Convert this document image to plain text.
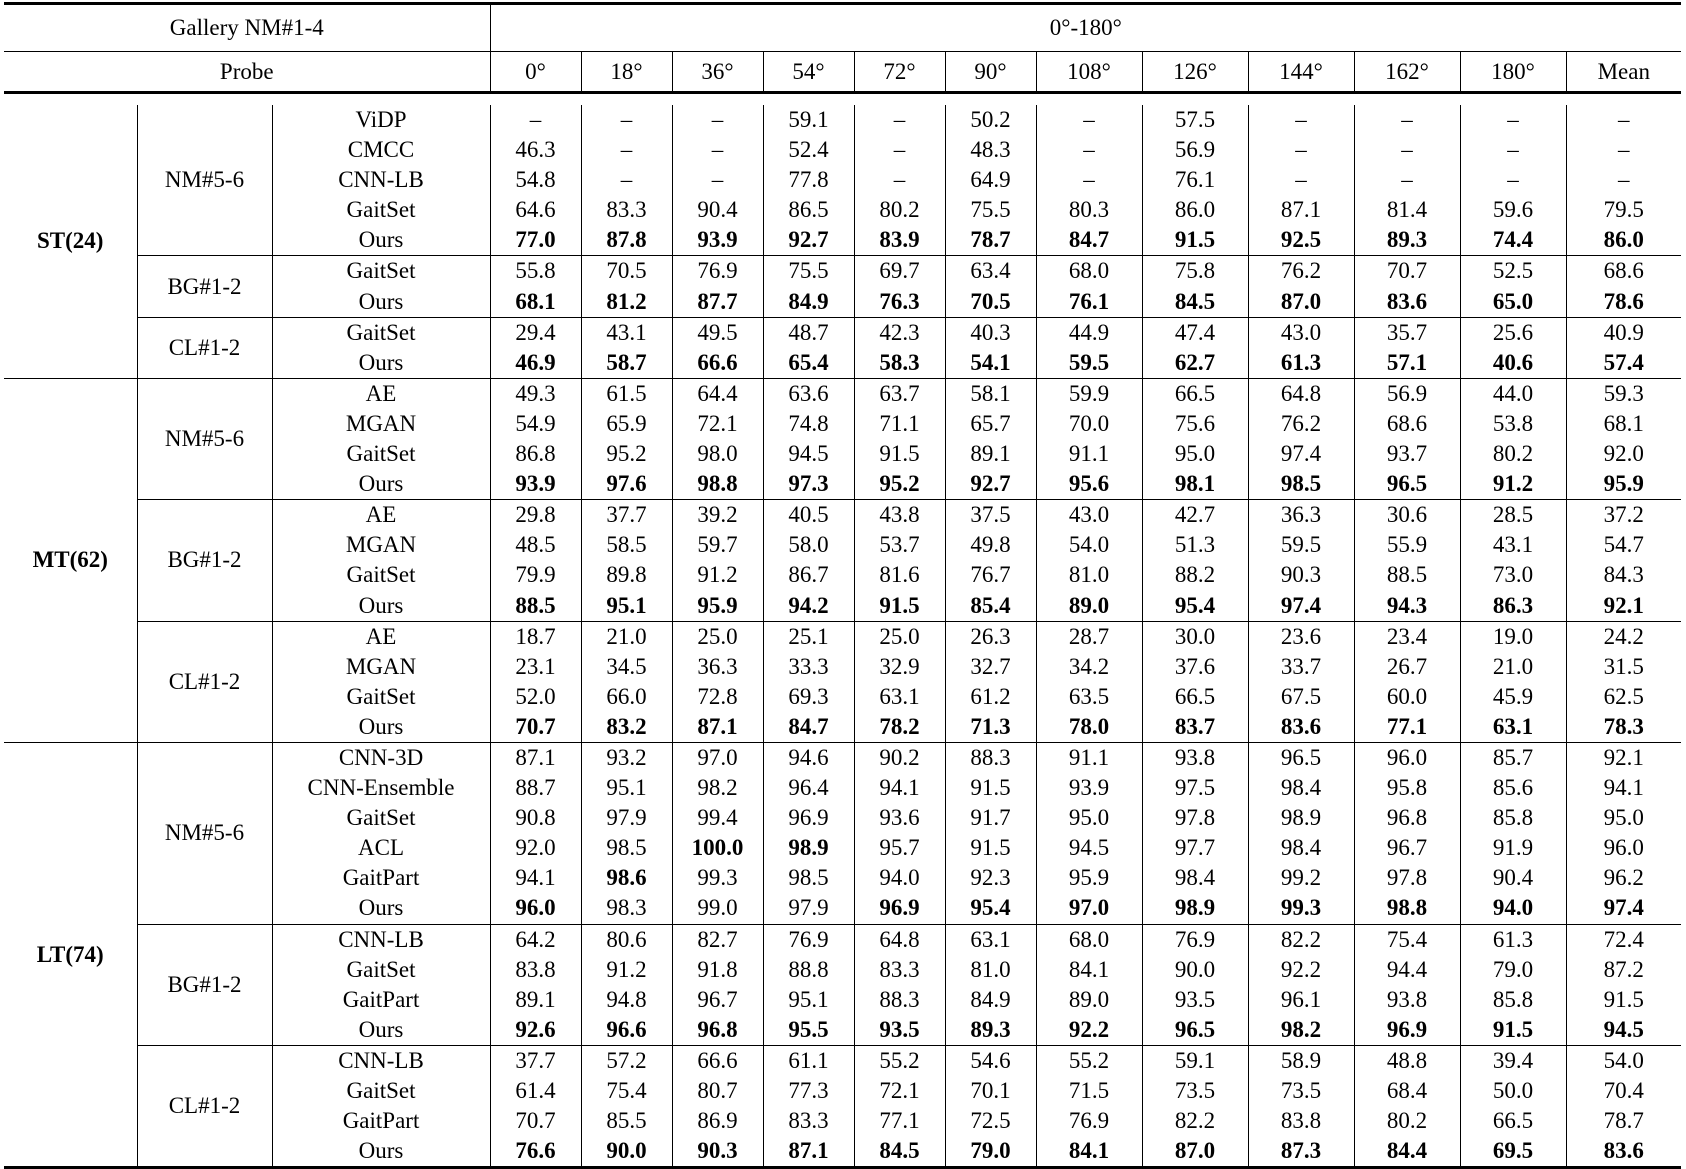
Gallery NM#1-4			0°-180°											
Probe			0°	18°	36°	54°	72°	90°	108°	126°	144°	162°	180°	Mean

ST(24)	NM#5-6	ViDP	–	–	–	59.1	–	50.2	–	57.5	–	–	–	–
		CMCC	46.3	–	–	52.4	–	48.3	–	56.9	–	–	–	–
		CNN-LB	54.8	–	–	77.8	–	64.9	–	76.1	–	–	–	–
		GaitSet	64.6	83.3	90.4	86.5	80.2	75.5	80.3	86.0	87.1	81.4	59.6	79.5
		Ours	77.0	87.8	93.9	92.7	83.9	78.7	84.7	91.5	92.5	89.3	74.4	86.0
	BG#1-2	GaitSet	55.8	70.5	76.9	75.5	69.7	63.4	68.0	75.8	76.2	70.7	52.5	68.6
		Ours	68.1	81.2	87.7	84.9	76.3	70.5	76.1	84.5	87.0	83.6	65.0	78.6
	CL#1-2	GaitSet	29.4	43.1	49.5	48.7	42.3	40.3	44.9	47.4	43.0	35.7	25.6	40.9
		Ours	46.9	58.7	66.6	65.4	58.3	54.1	59.5	62.7	61.3	57.1	40.6	57.4
MT(62)	NM#5-6	AE	49.3	61.5	64.4	63.6	63.7	58.1	59.9	66.5	64.8	56.9	44.0	59.3
		MGAN	54.9	65.9	72.1	74.8	71.1	65.7	70.0	75.6	76.2	68.6	53.8	68.1
		GaitSet	86.8	95.2	98.0	94.5	91.5	89.1	91.1	95.0	97.4	93.7	80.2	92.0
		Ours	93.9	97.6	98.8	97.3	95.2	92.7	95.6	98.1	98.5	96.5	91.2	95.9
	BG#1-2	AE	29.8	37.7	39.2	40.5	43.8	37.5	43.0	42.7	36.3	30.6	28.5	37.2
		MGAN	48.5	58.5	59.7	58.0	53.7	49.8	54.0	51.3	59.5	55.9	43.1	54.7
		GaitSet	79.9	89.8	91.2	86.7	81.6	76.7	81.0	88.2	90.3	88.5	73.0	84.3
		Ours	88.5	95.1	95.9	94.2	91.5	85.4	89.0	95.4	97.4	94.3	86.3	92.1
	CL#1-2	AE	18.7	21.0	25.0	25.1	25.0	26.3	28.7	30.0	23.6	23.4	19.0	24.2
		MGAN	23.1	34.5	36.3	33.3	32.9	32.7	34.2	37.6	33.7	26.7	21.0	31.5
		GaitSet	52.0	66.0	72.8	69.3	63.1	61.2	63.5	66.5	67.5	60.0	45.9	62.5
		Ours	70.7	83.2	87.1	84.7	78.2	71.3	78.0	83.7	83.6	77.1	63.1	78.3
LT(74)	NM#5-6	CNN-3D	87.1	93.2	97.0	94.6	90.2	88.3	91.1	93.8	96.5	96.0	85.7	92.1
		CNN-Ensemble	88.7	95.1	98.2	96.4	94.1	91.5	93.9	97.5	98.4	95.8	85.6	94.1
		GaitSet	90.8	97.9	99.4	96.9	93.6	91.7	95.0	97.8	98.9	96.8	85.8	95.0
		ACL	92.0	98.5	100.0	98.9	95.7	91.5	94.5	97.7	98.4	96.7	91.9	96.0
		GaitPart	94.1	98.6	99.3	98.5	94.0	92.3	95.9	98.4	99.2	97.8	90.4	96.2
		Ours	96.0	98.3	99.0	97.9	96.9	95.4	97.0	98.9	99.3	98.8	94.0	97.4
	BG#1-2	CNN-LB	64.2	80.6	82.7	76.9	64.8	63.1	68.0	76.9	82.2	75.4	61.3	72.4
		GaitSet	83.8	91.2	91.8	88.8	83.3	81.0	84.1	90.0	92.2	94.4	79.0	87.2
		GaitPart	89.1	94.8	96.7	95.1	88.3	84.9	89.0	93.5	96.1	93.8	85.8	91.5
		Ours	92.6	96.6	96.8	95.5	93.5	89.3	92.2	96.5	98.2	96.9	91.5	94.5
	CL#1-2	CNN-LB	37.7	57.2	66.6	61.1	55.2	54.6	55.2	59.1	58.9	48.8	39.4	54.0
		GaitSet	61.4	75.4	80.7	77.3	72.1	70.1	71.5	73.5	73.5	68.4	50.0	70.4
		GaitPart	70.7	85.5	86.9	83.3	77.1	72.5	76.9	82.2	83.8	80.2	66.5	78.7
		Ours	76.6	90.0	90.3	87.1	84.5	79.0	84.1	87.0	87.3	84.4	69.5	83.6
